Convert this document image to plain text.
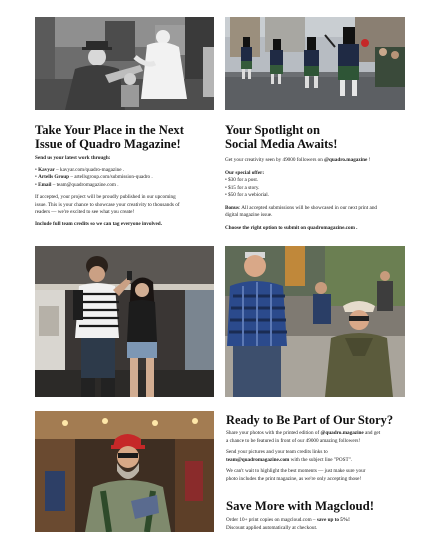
Take Your Place in the Next
Issue of Quadro Magazine!
Send us your latest work through:
• Kavyar – kavyar.com/quadro-magazine .
• Artells Group – artellsgroup.com/submission-quadro .
• Email – team@quadromagazine.com .
If accepted, your project will be proudly published in our upcoming
issue. This is your chance to showcase your creativity to thousands of
readers — we're excited to see what you create!
Include full team credits so we can tag everyone involved.
Your Spotlight on
Social Media Awaits!
Get your creativity seen by 49000 followers on @quadro.magazine !
Our special offer:
• $30 for a post.
• $15 for a story.
• $50 for a webiorial.
Bonus: All accepted submissions will be showcased in our next print and
digital magazine issue.
Choose the right option to submit on quadromagazine.com .
Ready to Be Part of Our Story?
Share your photos with the printed edition of @quadro.magazine and get
a chance to be featured in front of our 49000 amazing followers!
Send your pictures and your team credits links to
team@quadromagazine.com with the subject line "POST".
We can't wait to highlight the best moments — just make sure your
photo includes the print magazine, as we're only accepting those!
Save More with Magcloud!
Order 10+ print copies on magcloud.com – save up to 5%!
Discount applied automatically at checkout.
